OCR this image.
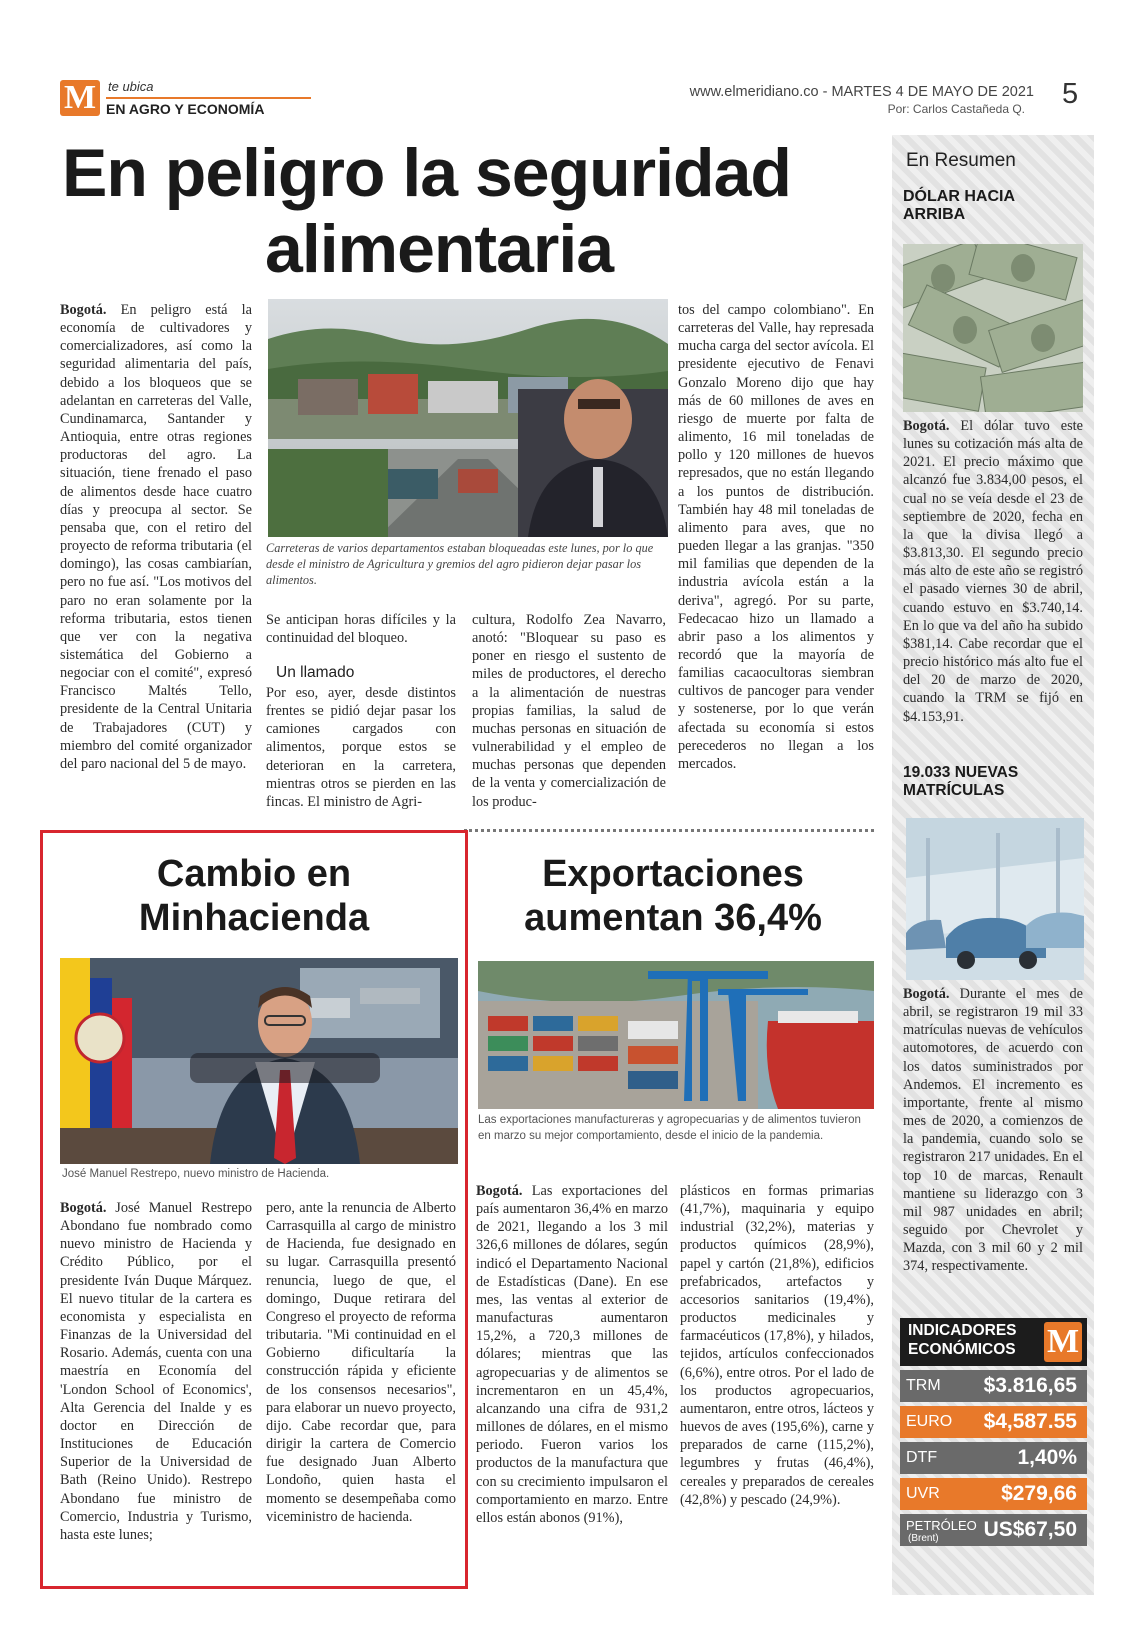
M te ubica
EN AGRO Y ECONOMÍA
www.elmeridiano.co - MARTES 4 DE MAYO DE 2021
Por: Carlos Castañeda Q. 5
En peligro la seguridad
alimentaria
Bogotá. En peligro está la economía de cultivadores y comercializadores, así como la seguridad alimentaria del país, debido a los bloqueos que se adelantan en carreteras del Valle, Cundinamarca, Santander y Antioquia, entre otras regiones productoras del agro. La situación, tiene frenado el paso de alimentos desde hace cuatro días y preocupa al sector. Se pensaba que, con el retiro del proyecto de reforma tributaria (el domingo), las cosas cambiarían, pero no fue así. "Los motivos del paro no eran solamente por la reforma tributaria, estos tienen que ver con la negativa sistemática del Gobierno a negociar con el comité", expresó Francisco Maltés Tello, presidente de la Central Unitaria de Trabajadores (CUT) y miembro del comité organizador del paro nacional del 5 de mayo.
Carreteras de varios departamentos estaban bloqueadas este lunes, por lo que desde el ministro de Agricultura y gremios del agro pidieron dejar pasar los alimentos.
Se anticipan horas difíciles y la continuidad del bloqueo.
Un llamado
Por eso, ayer, desde distintos frentes se pidió dejar pasar los camiones cargados con alimentos, porque estos se deterioran en la carretera, mientras otros se pierden en las fincas. El ministro de Agri-
cultura, Rodolfo Zea Navarro, anotó: "Bloquear su paso es poner en riesgo el sustento de miles de productores, el derecho a la alimentación de nuestras propias familias, la salud de muchas personas en situación de vulnerabilidad y el empleo de muchas personas que dependen de la venta y comercialización de los produc-
tos del campo colombiano". En carreteras del Valle, hay represada mucha carga del sector avícola. El presidente ejecutivo de Fenavi Gonzalo Moreno dijo que hay más de 60 millones de aves en riesgo de muerte por falta de alimento, 16 mil toneladas de pollo y 120 millones de huevos represados, que no están llegando a los puntos de distribución. También hay 48 mil toneladas de alimento para aves, que no pueden llegar a las granjas. "350 mil familias que dependen de la industria avícola están a la deriva", agregó. Por su parte, Fedecacao hizo un llamado a abrir paso a los alimentos y recordó que la mayoría de familias cacaocultoras siembran cultivos de pancoger para vender y sostenerse, por lo que verán afectada su economía si estos perecederos no llegan a los mercados.
Cambio en
Minhacienda
José Manuel Restrepo, nuevo ministro de Hacienda.
Bogotá. José Manuel Restrepo Abondano fue nombrado como nuevo ministro de Hacienda y Crédito Público, por el presidente Iván Duque Márquez. El nuevo titular de la cartera es economista y especialista en Finanzas de la Universidad del Rosario. Además, cuenta con una maestría en Economía del 'London School of Economics', Alta Gerencia del Inalde y es doctor en Dirección de Instituciones de Educación Superior de la Universidad de Bath (Reino Unido). Restrepo Abondano fue ministro de Comercio, Industria y Turismo, hasta este lunes;
pero, ante la renuncia de Alberto Carrasquilla al cargo de ministro de Hacienda, fue designado en su lugar. Carrasquilla presentó renuncia, luego de que, el domingo, Duque retirara del Congreso el proyecto de reforma tributaria. "Mi continuidad en el Gobierno dificultaría la construcción rápida y eficiente de los consensos necesarios", para elaborar un nuevo proyecto, dijo. Cabe recordar que, para dirigir la cartera de Comercio fue designado Juan Alberto Londoño, quien hasta el momento se desempeñaba como viceministro de hacienda.
Exportaciones
aumentan 36,4%
Las exportaciones manufactureras y agropecuarias y de alimentos tuvieron en marzo su mejor comportamiento, desde el inicio de la pandemia.
Bogotá. Las exportaciones del país aumentaron 36,4% en marzo de 2021, llegando a los 3 mil 326,6 millones de dólares, según indicó el Departamento Nacional de Estadísticas (Dane). En ese mes, las ventas al exterior de manufacturas aumentaron 15,2%, a 720,3 millones de dólares; mientras que las agropecuarias y de alimentos se incrementaron en un 45,4%, alcanzando una cifra de 931,2 millones de dólares, en el mismo periodo. Fueron varios los productos de la manufactura que con su crecimiento impulsaron el comportamiento en marzo. Entre ellos están abonos (91%),
plásticos en formas primarias (41,7%), maquinaria y equipo industrial (32,2%), materias y productos químicos (28,9%), papel y cartón (21,8%), edificios prefabricados, artefactos y accesorios sanitarios (19,4%), productos medicinales y farmacéuticos (17,8%), y hilados, tejidos, artículos confeccionados (6,6%), entre otros. Por el lado de los productos agropecuarios, aumentaron, entre otros, lácteos y huevos de aves (195,6%), carne y preparados de carne (115,2%), legumbres y frutas (46,4%), cereales y preparados de cereales (42,8%) y pescado (24,9%).
En Resumen
DÓLAR HACIA
ARRIBA
Bogotá. El dólar tuvo este lunes su cotización más alta de 2021. El precio máximo que alcanzó fue 3.834,00 pesos, el cual no se veía desde el 23 de septiembre de 2020, fecha en la que la divisa llegó a $3.813,30. El segundo precio más alto de este año se registró el pasado viernes 30 de abril, cuando estuvo en $3.740,14. En lo que va del año ha subido $381,14. Cabe recordar que el precio histórico más alto fue el del 20 de marzo de 2020, cuando la TRM se fijó en $4.153,91.
19.033 NUEVAS
MATRÍCULAS
Bogotá. Durante el mes de abril, se registraron 19 mil 33 matrículas nuevas de vehículos automotores, de acuerdo con los datos suministrados por Andemos. El incremento es importante, frente al mismo mes de 2020, a comienzos de la pandemia, cuando solo se registraron 217 unidades. En el top 10 de marcas, Renault mantiene su liderazgo con 3 mil 987 unidades en abril; seguido por Chevrolet y Mazda, con 3 mil 60 y 2 mil 374, respectivamente.
INDICADORES
ECONÓMICOS M
TRM $3.816,65
EURO $4,587.55
DTF	1,40%
UVR	$279,66
PETRÓLEO
(Brent) US$67,50
